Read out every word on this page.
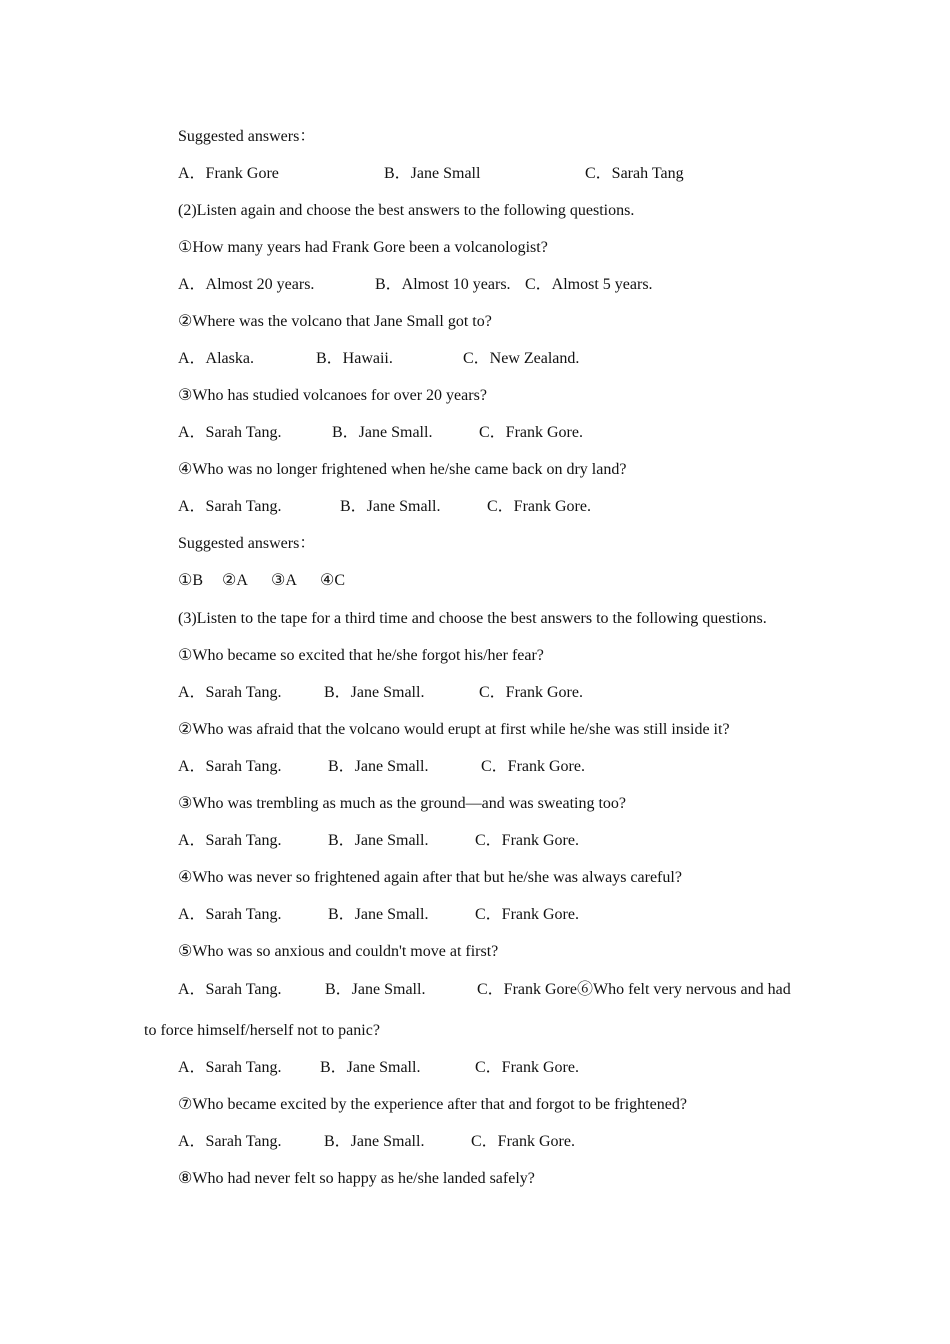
Suggested answers：
A．Frank Gore	B．Jane Small	C．Sarah Tang
(2)Listen again and choose the best answers to the following questions.
①How many years had Frank Gore been a volcanologist?
A．Almost 20 years.	B．Almost 10 years. C．Almost 5 years.
②Where was the volcano that Jane Small got to?
A．Alaska.	B．Hawaii.	C．New Zealand.
③Who has studied volcanoes for over 20 years?
A．Sarah Tang.	B．Jane Small.	C．Frank Gore.
④Who was no longer frightened when he/she came back on dry land?
A．Sarah Tang.	B．Jane Small.	C．Frank Gore.
Suggested answers：
①B ②A ③A ④C
(3)Listen to the tape for a third time and choose the best answers to the following questions.
①Who became so excited that he/she forgot his/her fear?
A．Sarah Tang.	B．Jane Small.	C．Frank Gore.
②Who was afraid that the volcano would erupt at first while he/she was still inside it?
A．Sarah Tang.	B．Jane Small.	C．Frank Gore.
③Who was trembling as much as the ground—and was sweating too?
A．Sarah Tang.	B．Jane Small.	C．Frank Gore.
④Who was never so frightened again after that but he/she was always careful?
A．Sarah Tang.	B．Jane Small.	C．Frank Gore.
⑤Who was so anxious and couldn't move at first?
A．Sarah Tang.	B．Jane Small.	C．Frank Gore⑥Who felt very nervous and had
to force himself/herself not to panic?
A．Sarah Tang. B．Jane Small.	C．Frank Gore.
⑦Who became excited by the experience after that and forgot to be frightened?
A．Sarah Tang.	B．Jane Small.	C．Frank Gore.
⑧Who had never felt so happy as he/she landed safely?
